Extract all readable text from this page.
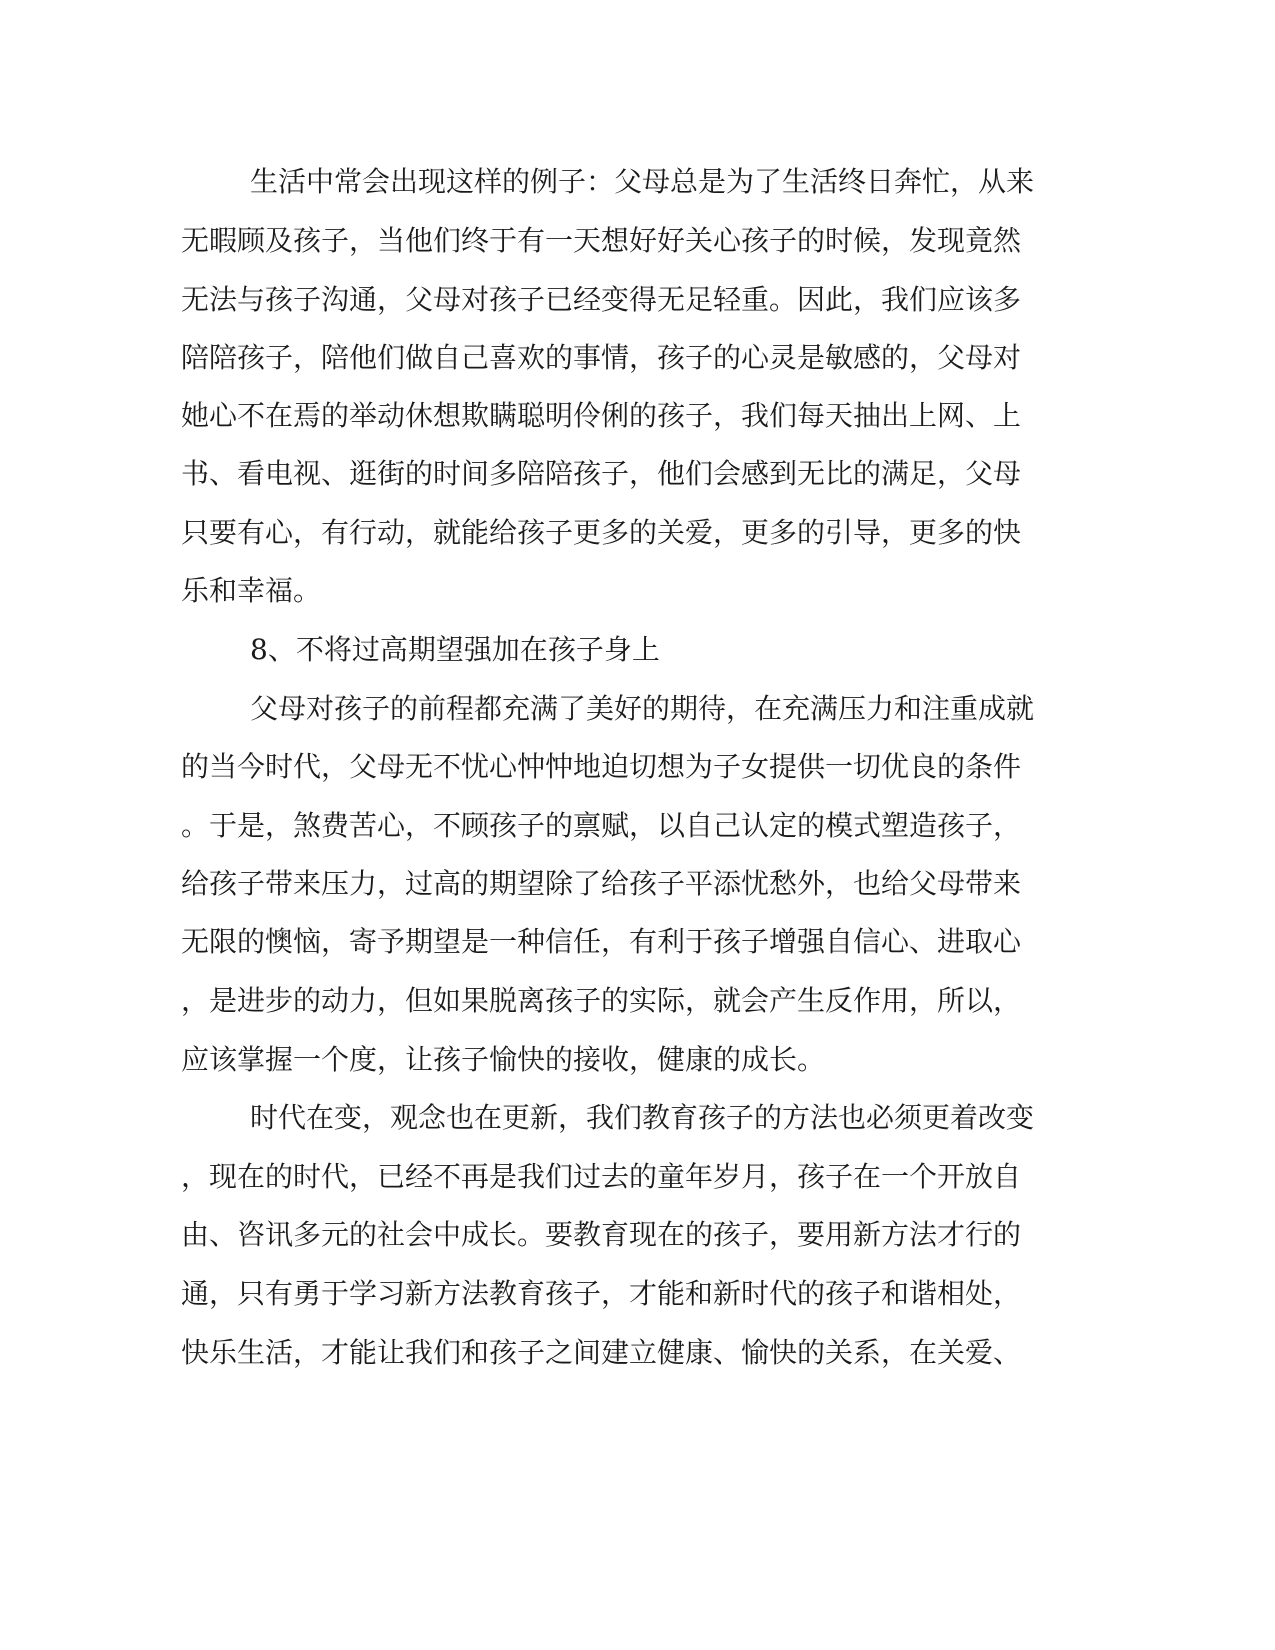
生活中常会出现这样的例子：父母总是为了生活终日奔忙，从来
无暇顾及孩子，当他们终于有一天想好好关心孩子的时候，发现竟然
无法与孩子沟通，父母对孩子已经变得无足轻重。因此，我们应该多
陪陪孩子，陪他们做自己喜欢的事情，孩子的心灵是敏感的，父母对
她心不在焉的举动休想欺瞒聪明伶俐的孩子，我们每天抽出上网、上
书、看电视、逛街的时间多陪陪孩子，他们会感到无比的满足，父母
只要有心，有行动，就能给孩子更多的关爱，更多的引导，更多的快
乐和幸福。
8、不将过高期望强加在孩子身上
父母对孩子的前程都充满了美好的期待，在充满压力和注重成就
的当今时代，父母无不忧心忡忡地迫切想为子女提供一切优良的条件
。于是，煞费苦心，不顾孩子的禀赋，以自己认定的模式塑造孩子，
给孩子带来压力，过高的期望除了给孩子平添忧愁外，也给父母带来
无限的懊恼，寄予期望是一种信任，有利于孩子增强自信心、进取心
，是进步的动力，但如果脱离孩子的实际，就会产生反作用，所以，
应该掌握一个度，让孩子愉快的接收，健康的成长。
时代在变，观念也在更新，我们教育孩子的方法也必须更着改变
，现在的时代，已经不再是我们过去的童年岁月，孩子在一个开放自
由、咨讯多元的社会中成长。要教育现在的孩子，要用新方法才行的
通，只有勇于学习新方法教育孩子，才能和新时代的孩子和谐相处，
快乐生活，才能让我们和孩子之间建立健康、愉快的关系，在关爱、
